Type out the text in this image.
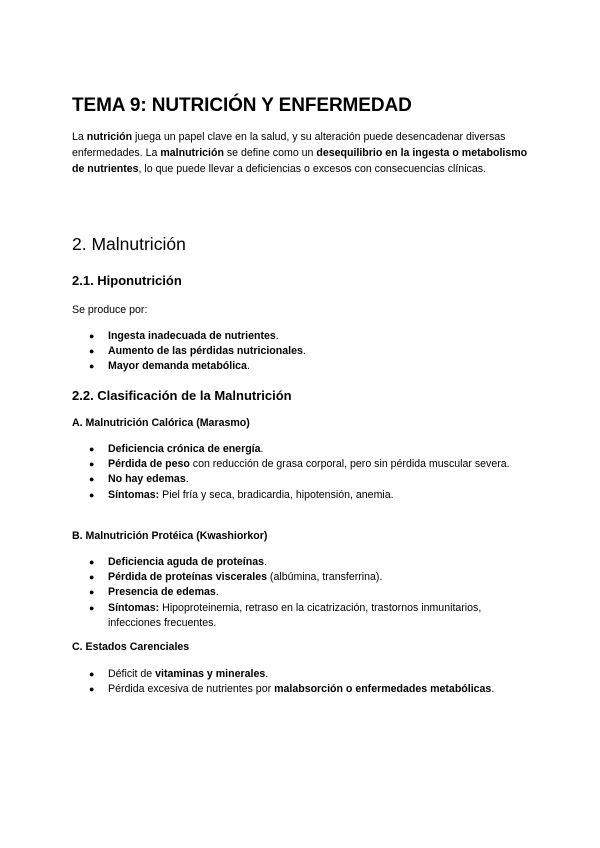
TEMA 9: NUTRICIÓN Y ENFERMEDAD

La nutrición juega un papel clave en la salud, y su alteración puede desencadenar diversas enfermedades. La malnutrición se define como un desequilibrio en la ingesta o metabolismo de nutrientes, lo que puede llevar a deficiencias o excesos con consecuencias clínicas.

2. Malnutrición
2.1. Hiponutrición

Se produce por:

● Ingesta inadecuada de nutrientes.
● Aumento de las pérdidas nutricionales.
● Mayor demanda metabólica.
2.2. Clasificación de la Malnutrición
A. Malnutrición Calórica (Marasmo)
● Deficiencia crónica de energía.
● Pérdida de peso con reducción de grasa corporal, pero sin pérdida muscular severa.
● No hay edemas.
● Síntomas: Piel fría y seca, bradicardia, hipotensión, anemia.
B. Malnutrición Protéica (Kwashiorkor)
● Deficiencia aguda de proteínas.
● Pérdida de proteínas viscerales (albúmina, transferrina).
● Presencia de edemas.
● Síntomas: Hipoproteinemia, retraso en la cicatrización, trastornos inmunitarios, infecciones frecuentes.
C. Estados Carenciales
● Déficit de vitaminas y minerales.
● Pérdida excesiva de nutrientes por malabsorción o enfermedades metabólicas.
